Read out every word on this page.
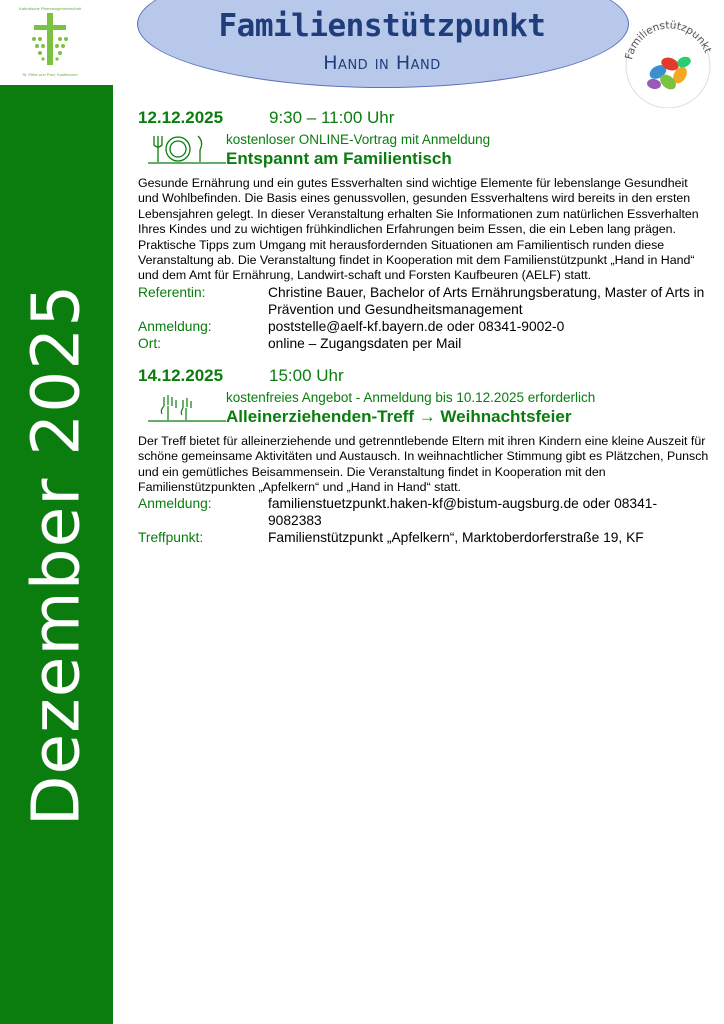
Katholische Pfarreiengemeinschaft
St. Peter und Paul, Kaufbeuren
Familienstützpunkt
Hand in Hand	Familienstützpunkt
Dezember 2025
12.12.2025	9:30 – 11:00 Uhr
kostenloser ONLINE-Vortrag mit Anmeldung
Entspannt am Familientisch

Gesunde Ernährung und ein gutes Essverhalten sind wichtige Elemente für lebenslange Gesundheit und Wohlbefinden. Die Basis eines genussvollen, gesunden Essverhaltens wird bereits in den ersten Lebensjahren gelegt. In dieser Veranstaltung erhalten Sie Informationen zum natürlichen Essverhalten Ihres Kindes und zu wichtigen frühkindlichen Erfahrungen beim Essen, die ein Leben lang prägen. Praktische Tipps zum Umgang mit herausfordernden Situationen am Familientisch runden diese Veranstaltung ab. Die Veranstaltung findet in Kooperation mit dem Familienstützpunkt „Hand in Hand“ und dem Amt für Ernährung, Landwirt-schaft und Forsten Kaufbeuren (AELF) statt.

Referentin:	Christine Bauer, Bachelor of Arts Ernährungsberatung, Master of Arts in Prävention und Gesundheitsmanagement
Anmeldung:	poststelle@aelf-kf.bayern.de oder 08341-9002-0
Ort:	online – Zugangsdaten per Mail
14.12.2025	15:00 Uhr
kostenfreies Angebot - Anmeldung bis 10.12.2025 erforderlich
Alleinerziehenden-Treff → Weihnachtsfeier

Der Treff bietet für alleinerziehende und getrenntlebende Eltern mit ihren Kindern eine kleine Auszeit für schöne gemeinsame Aktivitäten und Austausch. In weihnachtlicher Stimmung gibt es Plätzchen, Punsch und ein gemütliches Beisammensein. Die Veranstaltung findet in Kooperation mit den Familienstützpunkten „Apfelkern“ und „Hand in Hand“ statt.

Anmeldung:	familienstuetzpunkt.haken-kf@bistum-augsburg.de oder 08341-9082383
Treffpunkt:	Familienstützpunkt „Apfelkern“, Marktoberdorferstraße 19, KF
